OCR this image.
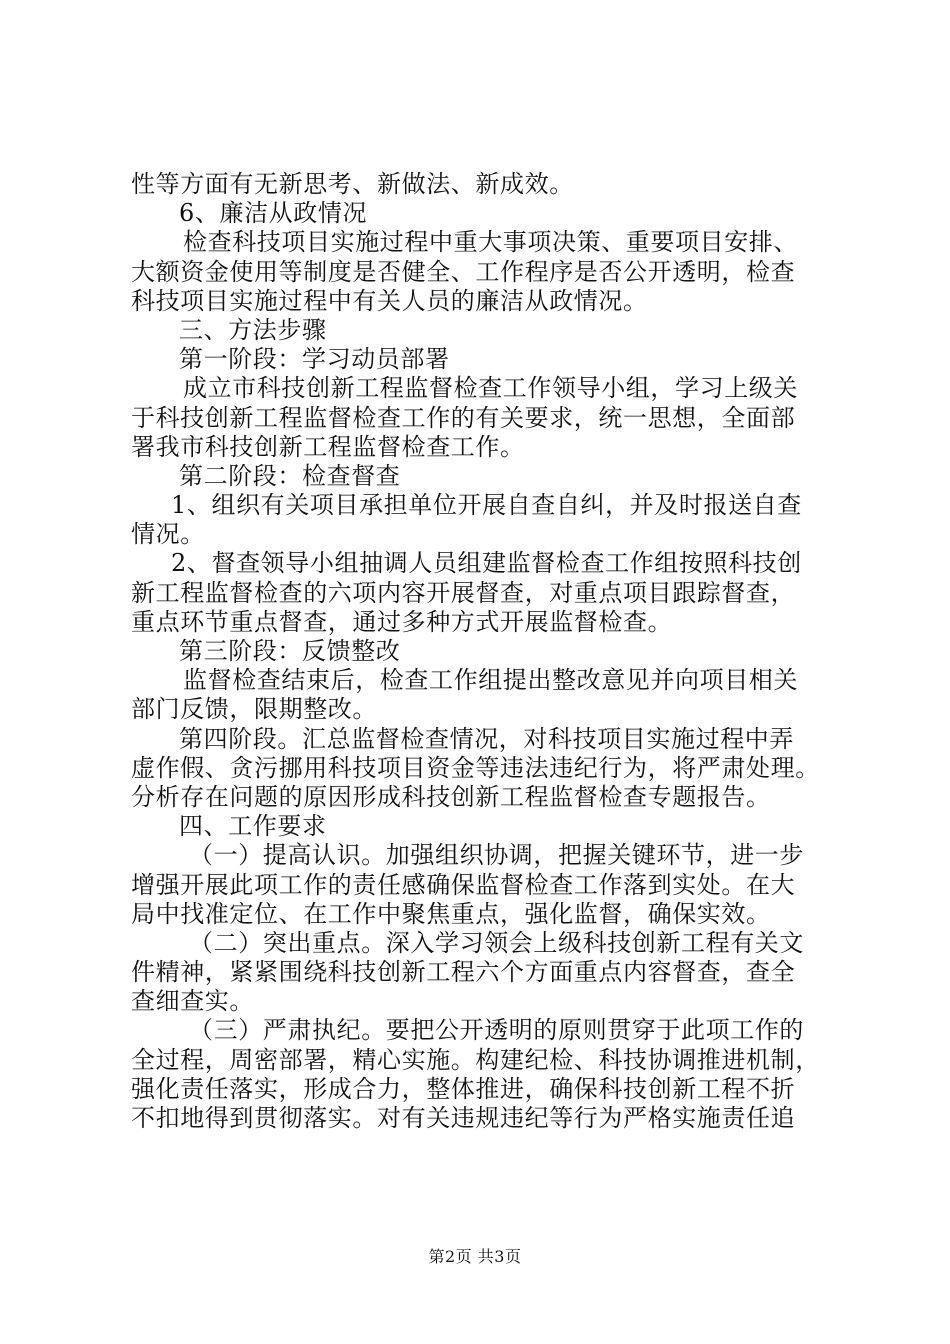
性等方面有无新思考、新做法、新成效。
6、廉洁从政情况
检查科技项目实施过程中重大事项决策、重要项目安排、
大额资金使用等制度是否健全、工作程序是否公开透明，检查
科技项目实施过程中有关人员的廉洁从政情况。
三、方法步骤
第一阶段：学习动员部署
成立市科技创新工程监督检查工作领导小组，学习上级关
于科技创新工程监督检查工作的有关要求，统一思想，全面部
署我市科技创新工程监督检查工作。
第二阶段：检查督查
1、组织有关项目承担单位开展自查自纠，并及时报送自查
情况。
2、督查领导小组抽调人员组建监督检查工作组按照科技创
新工程监督检查的六项内容开展督查，对重点项目跟踪督查，
重点环节重点督查，通过多种方式开展监督检查。
第三阶段：反馈整改
监督检查结束后，检查工作组提出整改意见并向项目相关
部门反馈，限期整改。
第四阶段。汇总监督检查情况，对科技项目实施过程中弄
虚作假、贪污挪用科技项目资金等违法违纪行为，将严肃处理。
分析存在问题的原因形成科技创新工程监督检查专题报告。
四、工作要求
（一）提高认识。加强组织协调，把握关键环节，进一步
增强开展此项工作的责任感确保监督检查工作落到实处。在大
局中找准定位、在工作中聚焦重点，强化监督，确保实效。
（二）突出重点。深入学习领会上级科技创新工程有关文
件精神，紧紧围绕科技创新工程六个方面重点内容督查，查全
查细查实。
（三）严肃执纪。要把公开透明的原则贯穿于此项工作的
全过程，周密部署，精心实施。构建纪检、科技协调推进机制，
强化责任落实，形成合力，整体推进，确保科技创新工程不折
不扣地得到贯彻落实。对有关违规违纪等行为严格实施责任追
第2页 共3页
